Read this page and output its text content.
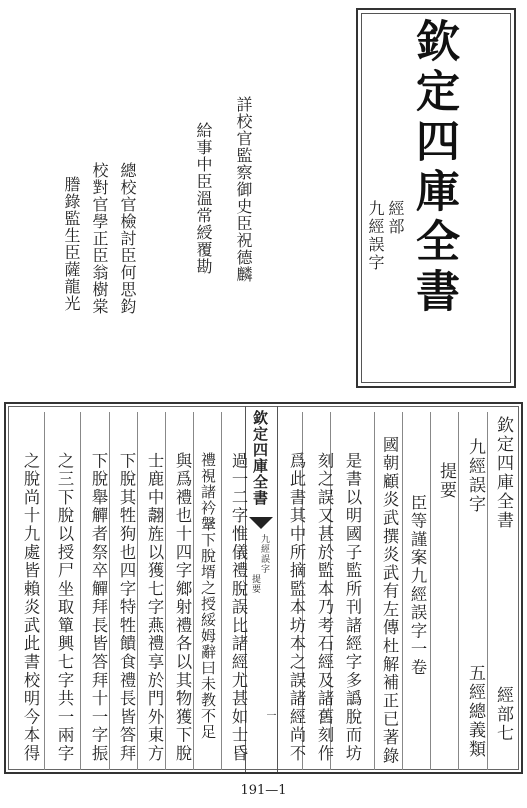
欽定四庫全書
經部
九經誤字
詳校官監察御史臣祝德麟
給事中臣溫常綬覆勘
總校官檢討臣何思鈞
校對官學正臣翁樹棠
謄錄監生臣薩龍光
欽定四庫全書
經部七
九經誤字
五經總義類
提要
欽定四庫全書
九經誤字
提要
一
臣等謹案九經誤字一卷
國朝顧炎武撰炎武有左傳杜解補正已著錄
是書以明國子監所刊諸經字多譌脫而坊
刻之誤又甚於監本乃考石經及諸舊刻作
爲此書其中所摘監本坊本之誤諸經尚不
過一二字惟儀禮脫誤比諸經尤甚如士昏
禮視諸衿鞶下脫壻之授綏姆辭曰未教不足
與爲禮也十四字鄉射禮各以其物獲下脫
士鹿中翿旌以獲七字燕禮享於門外東方
下脫其牲狗也四字特牲饋食禮長皆答拜
下脫舉觶者祭卒觶拜長皆答拜十一字振
之三下脫以授尸坐取簞興七字共一兩字
之脫尚十九處皆賴炎武此書校明今本得
191—1
